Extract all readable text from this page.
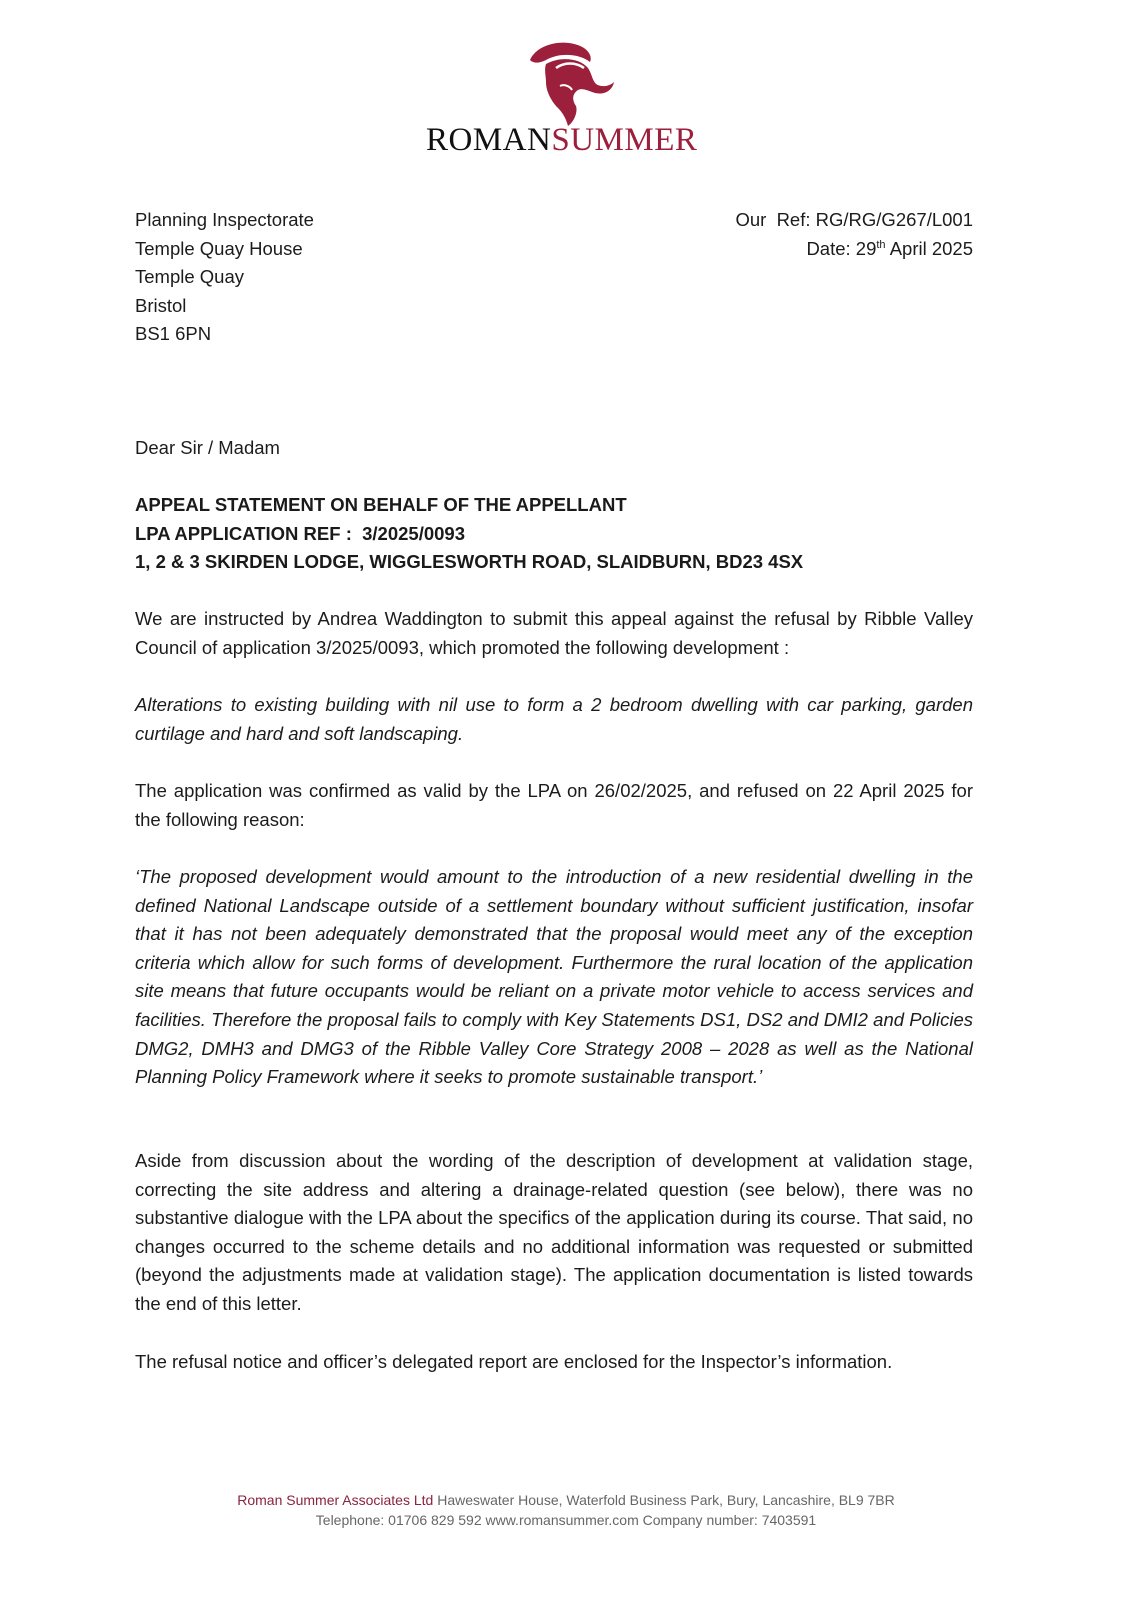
ROMANSUMMER
Planning Inspectorate
Temple Quay House
Temple Quay
Bristol
BS1 6PN
Our  Ref: RG/RG/G267/L001
Date: 29th April 2025
Dear Sir / Madam
APPEAL STATEMENT ON BEHALF OF THE APPELLANT
LPA APPLICATION REF :  3/2025/0093
1, 2 & 3 SKIRDEN LODGE, WIGGLESWORTH ROAD, SLAIDBURN, BD23 4SX

We are instructed by Andrea Waddington to submit this appeal against the refusal by Ribble Valley Council of application 3/2025/0093, which promoted the following development :

Alterations to existing building with nil use to form a 2 bedroom dwelling with car parking, garden curtilage and hard and soft landscaping.

The application was confirmed as valid by the LPA on 26/02/2025, and refused on 22 April 2025 for the following reason:

‘The proposed development would amount to the introduction of a new residential dwelling in the defined National Landscape outside of a settlement boundary without sufficient justification, insofar that it has not been adequately demonstrated that the proposal would meet any of the exception criteria which allow for such forms of development. Furthermore the rural location of the application site means that future occupants would be reliant on a private motor vehicle to access services and facilities. Therefore the proposal fails to comply with Key Statements DS1, DS2 and DMI2 and Policies DMG2, DMH3 and DMG3 of the Ribble Valley Core Strategy 2008 – 2028 as well as the National Planning Policy Framework where it seeks to promote sustainable transport.’

Aside from discussion about the wording of the description of development at validation stage, correcting the site address and altering a drainage-related question (see below), there was no substantive dialogue with the LPA about the specifics of the application during its course. That said, no changes occurred to the scheme details and no additional information was requested or submitted (beyond the adjustments made at validation stage). The application documentation is listed towards the end of this letter.

The refusal notice and officer’s delegated report are enclosed for the Inspector’s information.

Roman Summer Associates Ltd Haweswater House, Waterfold Business Park, Bury, Lancashire, BL9 7BR
Telephone: 01706 829 592 www.romansummer.com Company number: 7403591
